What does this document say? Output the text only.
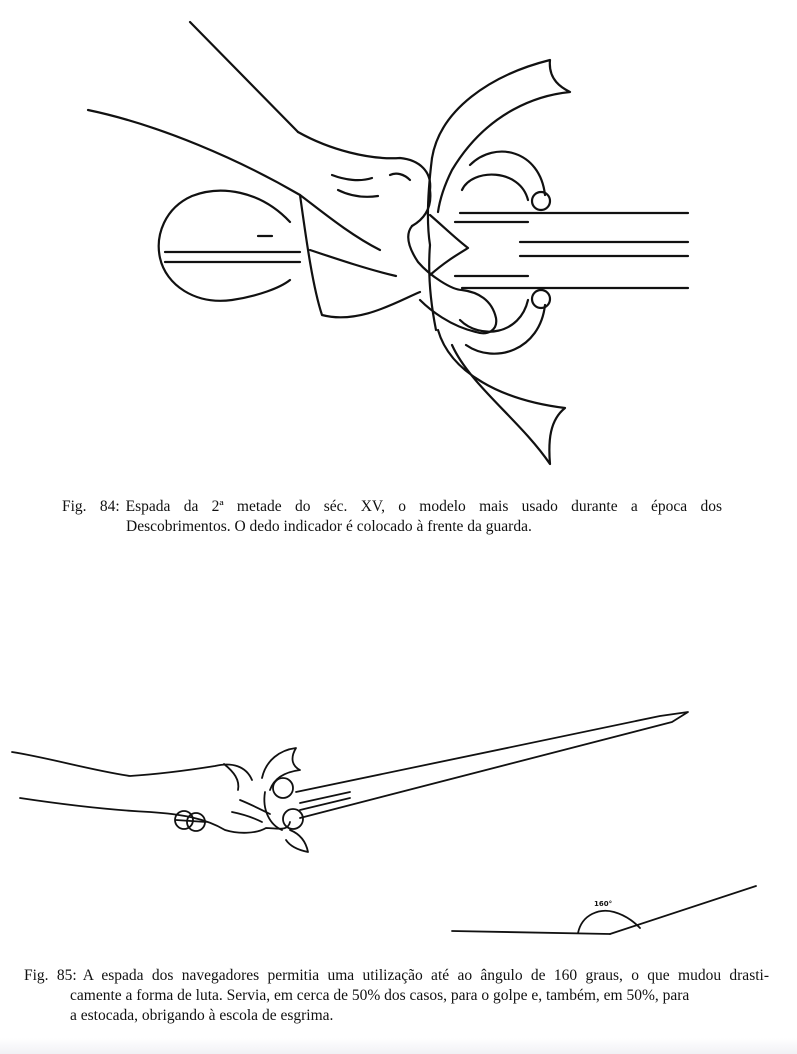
Fig. 84: Espada da 2ª metade do séc. XV, o modelo mais usado durante a época dos
Descobrimentos. O dedo indicador é colocado à frente da guarda.

160°

Fig. 85: A espada dos navegadores permitia uma utilização até ao ângulo de 160 graus, o que mudou drasti-
camente a forma de luta. Servia, em cerca de 50% dos casos, para o golpe e, também, em 50%, para
a estocada, obrigando à escola de esgrima.
